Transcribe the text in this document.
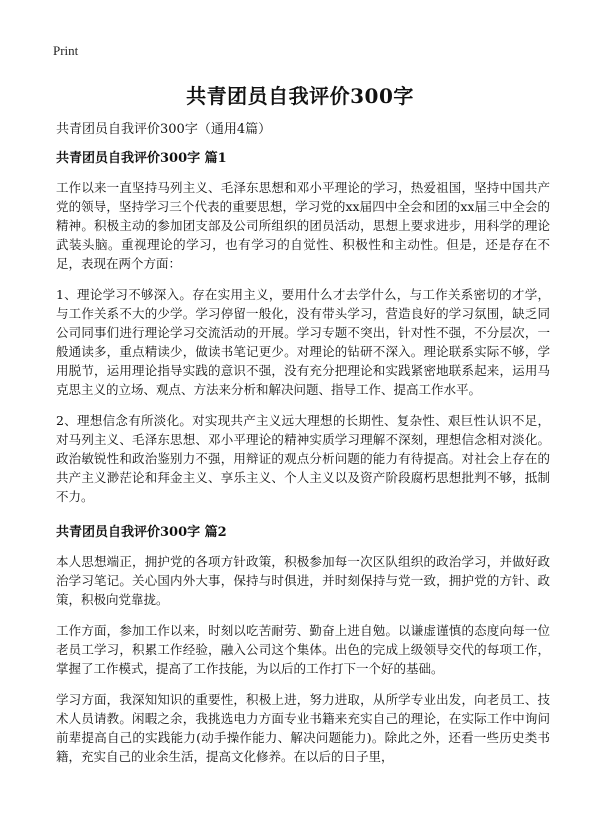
Print
共青团员自我评价300字

共青团员自我评价300字（通用4篇）

共青团员自我评价300字 篇1

工作以来一直坚持马列主义、毛泽东思想和邓小平理论的学习，热爱祖国，坚持中国共产党的领导，坚持学习三个代表的重要思想，学习党的xx届四中全会和团的xx届三中全会的精神。积极主动的参加团支部及公司所组织的团员活动，思想上要求进步，用科学的理论武装头脑。重视理论的学习，也有学习的自觉性、积极性和主动性。但是，还是存在不足，表现在两个方面：

1、理论学习不够深入。存在实用主义，要用什么才去学什么，与工作关系密切的才学，与工作关系不大的少学。学习停留一般化，没有带头学习，营造良好的学习氛围，缺乏同公司同事们进行理论学习交流活动的开展。学习专题不突出，针对性不强，不分层次，一般通读多，重点精读少，做读书笔记更少。对理论的钻研不深入。理论联系实际不够，学用脱节，运用理论指导实践的意识不强，没有充分把理论和实践紧密地联系起来，运用马克思主义的立场、观点、方法来分析和解决问题、指导工作、提高工作水平。

2、理想信念有所淡化。对实现共产主义远大理想的长期性、复杂性、艰巨性认识不足，对马列主义、毛泽东思想、邓小平理论的精神实质学习理解不深刻，理想信念相对淡化。政治敏锐性和政治鉴别力不强，用辩证的观点分析问题的能力有待提高。对社会上存在的共产主义渺茫论和拜金主义、享乐主义、个人主义以及资产阶段腐朽思想批判不够，抵制不力。

共青团员自我评价300字 篇2

本人思想端正，拥护党的各项方针政策，积极参加每一次区队组织的政治学习，并做好政治学习笔记。关心国内外大事，保持与时俱进，并时刻保持与党一致，拥护党的方针、政策，积极向党靠拢。

工作方面，参加工作以来，时刻以吃苦耐劳、勤奋上进自勉。以谦虚谨慎的态度向每一位老员工学习，积累工作经验，融入公司这个集体。出色的完成上级领导交代的每项工作，掌握了工作模式，提高了工作技能，为以后的工作打下一个好的基础。

学习方面，我深知知识的重要性，积极上进，努力进取，从所学专业出发，向老员工、技术人员请教。闲暇之余，我挑选电力方面专业书籍来充实自己的理论，在实际工作中询问前辈提高自己的实践能力(动手操作能力、解决问题能力)。除此之外，还看一些历史类书籍，充实自己的业余生活，提高文化修养。在以后的日子里，
